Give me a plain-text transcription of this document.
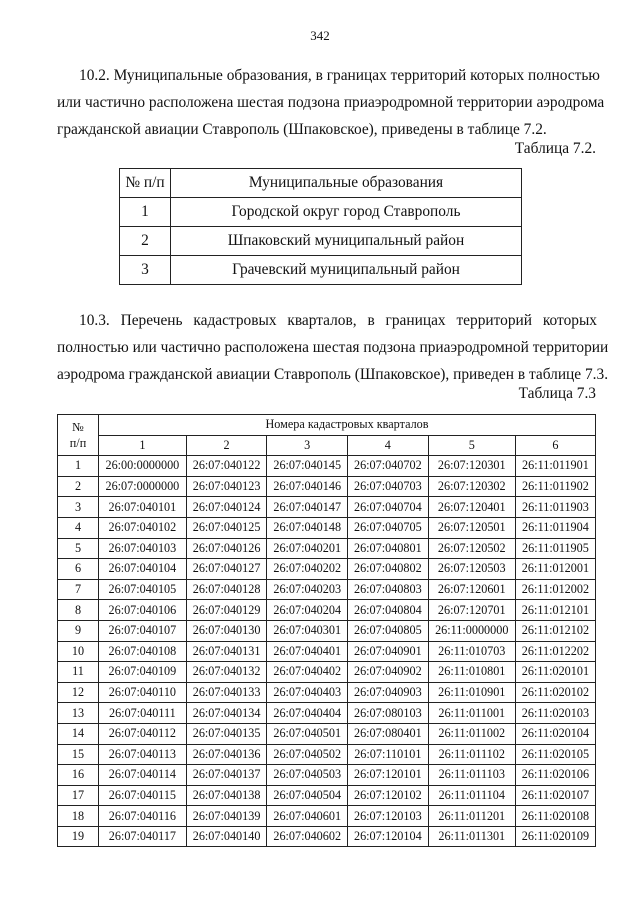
342

10.2. Муниципальные образования, в границах территорий которых полностью
или частично расположена шестая подзона приаэродромной территории аэродрома
гражданской авиации Ставрополь (Шпаковское), приведены в таблице 7.2.

Таблица 7.2.
№ п/п	Муниципальные образования
1	Городской округ город Ставрополь
2	Шпаковский муниципальный район
3	Грачевский муниципальный район

10.3. Перечень кадастровых кварталов, в границах территорий которых
полностью или частично расположена шестая подзона приаэродромной территории
аэродрома гражданской авиации Ставрополь (Шпаковское), приведен в таблице 7.3.

Таблица 7.3
№
п/п	Номера кадастровых кварталов					
	1	2	3	4	5	6
1	26:00:0000000	26:07:040122	26:07:040145	26:07:040702	26:07:120301	26:11:011901
2	26:07:0000000	26:07:040123	26:07:040146	26:07:040703	26:07:120302	26:11:011902
3	26:07:040101	26:07:040124	26:07:040147	26:07:040704	26:07:120401	26:11:011903
4	26:07:040102	26:07:040125	26:07:040148	26:07:040705	26:07:120501	26:11:011904
5	26:07:040103	26:07:040126	26:07:040201	26:07:040801	26:07:120502	26:11:011905
6	26:07:040104	26:07:040127	26:07:040202	26:07:040802	26:07:120503	26:11:012001
7	26:07:040105	26:07:040128	26:07:040203	26:07:040803	26:07:120601	26:11:012002
8	26:07:040106	26:07:040129	26:07:040204	26:07:040804	26:07:120701	26:11:012101
9	26:07:040107	26:07:040130	26:07:040301	26:07:040805	26:11:0000000	26:11:012102
10	26:07:040108	26:07:040131	26:07:040401	26:07:040901	26:11:010703	26:11:012202
11	26:07:040109	26:07:040132	26:07:040402	26:07:040902	26:11:010801	26:11:020101
12	26:07:040110	26:07:040133	26:07:040403	26:07:040903	26:11:010901	26:11:020102
13	26:07:040111	26:07:040134	26:07:040404	26:07:080103	26:11:011001	26:11:020103
14	26:07:040112	26:07:040135	26:07:040501	26:07:080401	26:11:011002	26:11:020104
15	26:07:040113	26:07:040136	26:07:040502	26:07:110101	26:11:011102	26:11:020105
16	26:07:040114	26:07:040137	26:07:040503	26:07:120101	26:11:011103	26:11:020106
17	26:07:040115	26:07:040138	26:07:040504	26:07:120102	26:11:011104	26:11:020107
18	26:07:040116	26:07:040139	26:07:040601	26:07:120103	26:11:011201	26:11:020108
19	26:07:040117	26:07:040140	26:07:040602	26:07:120104	26:11:011301	26:11:020109
